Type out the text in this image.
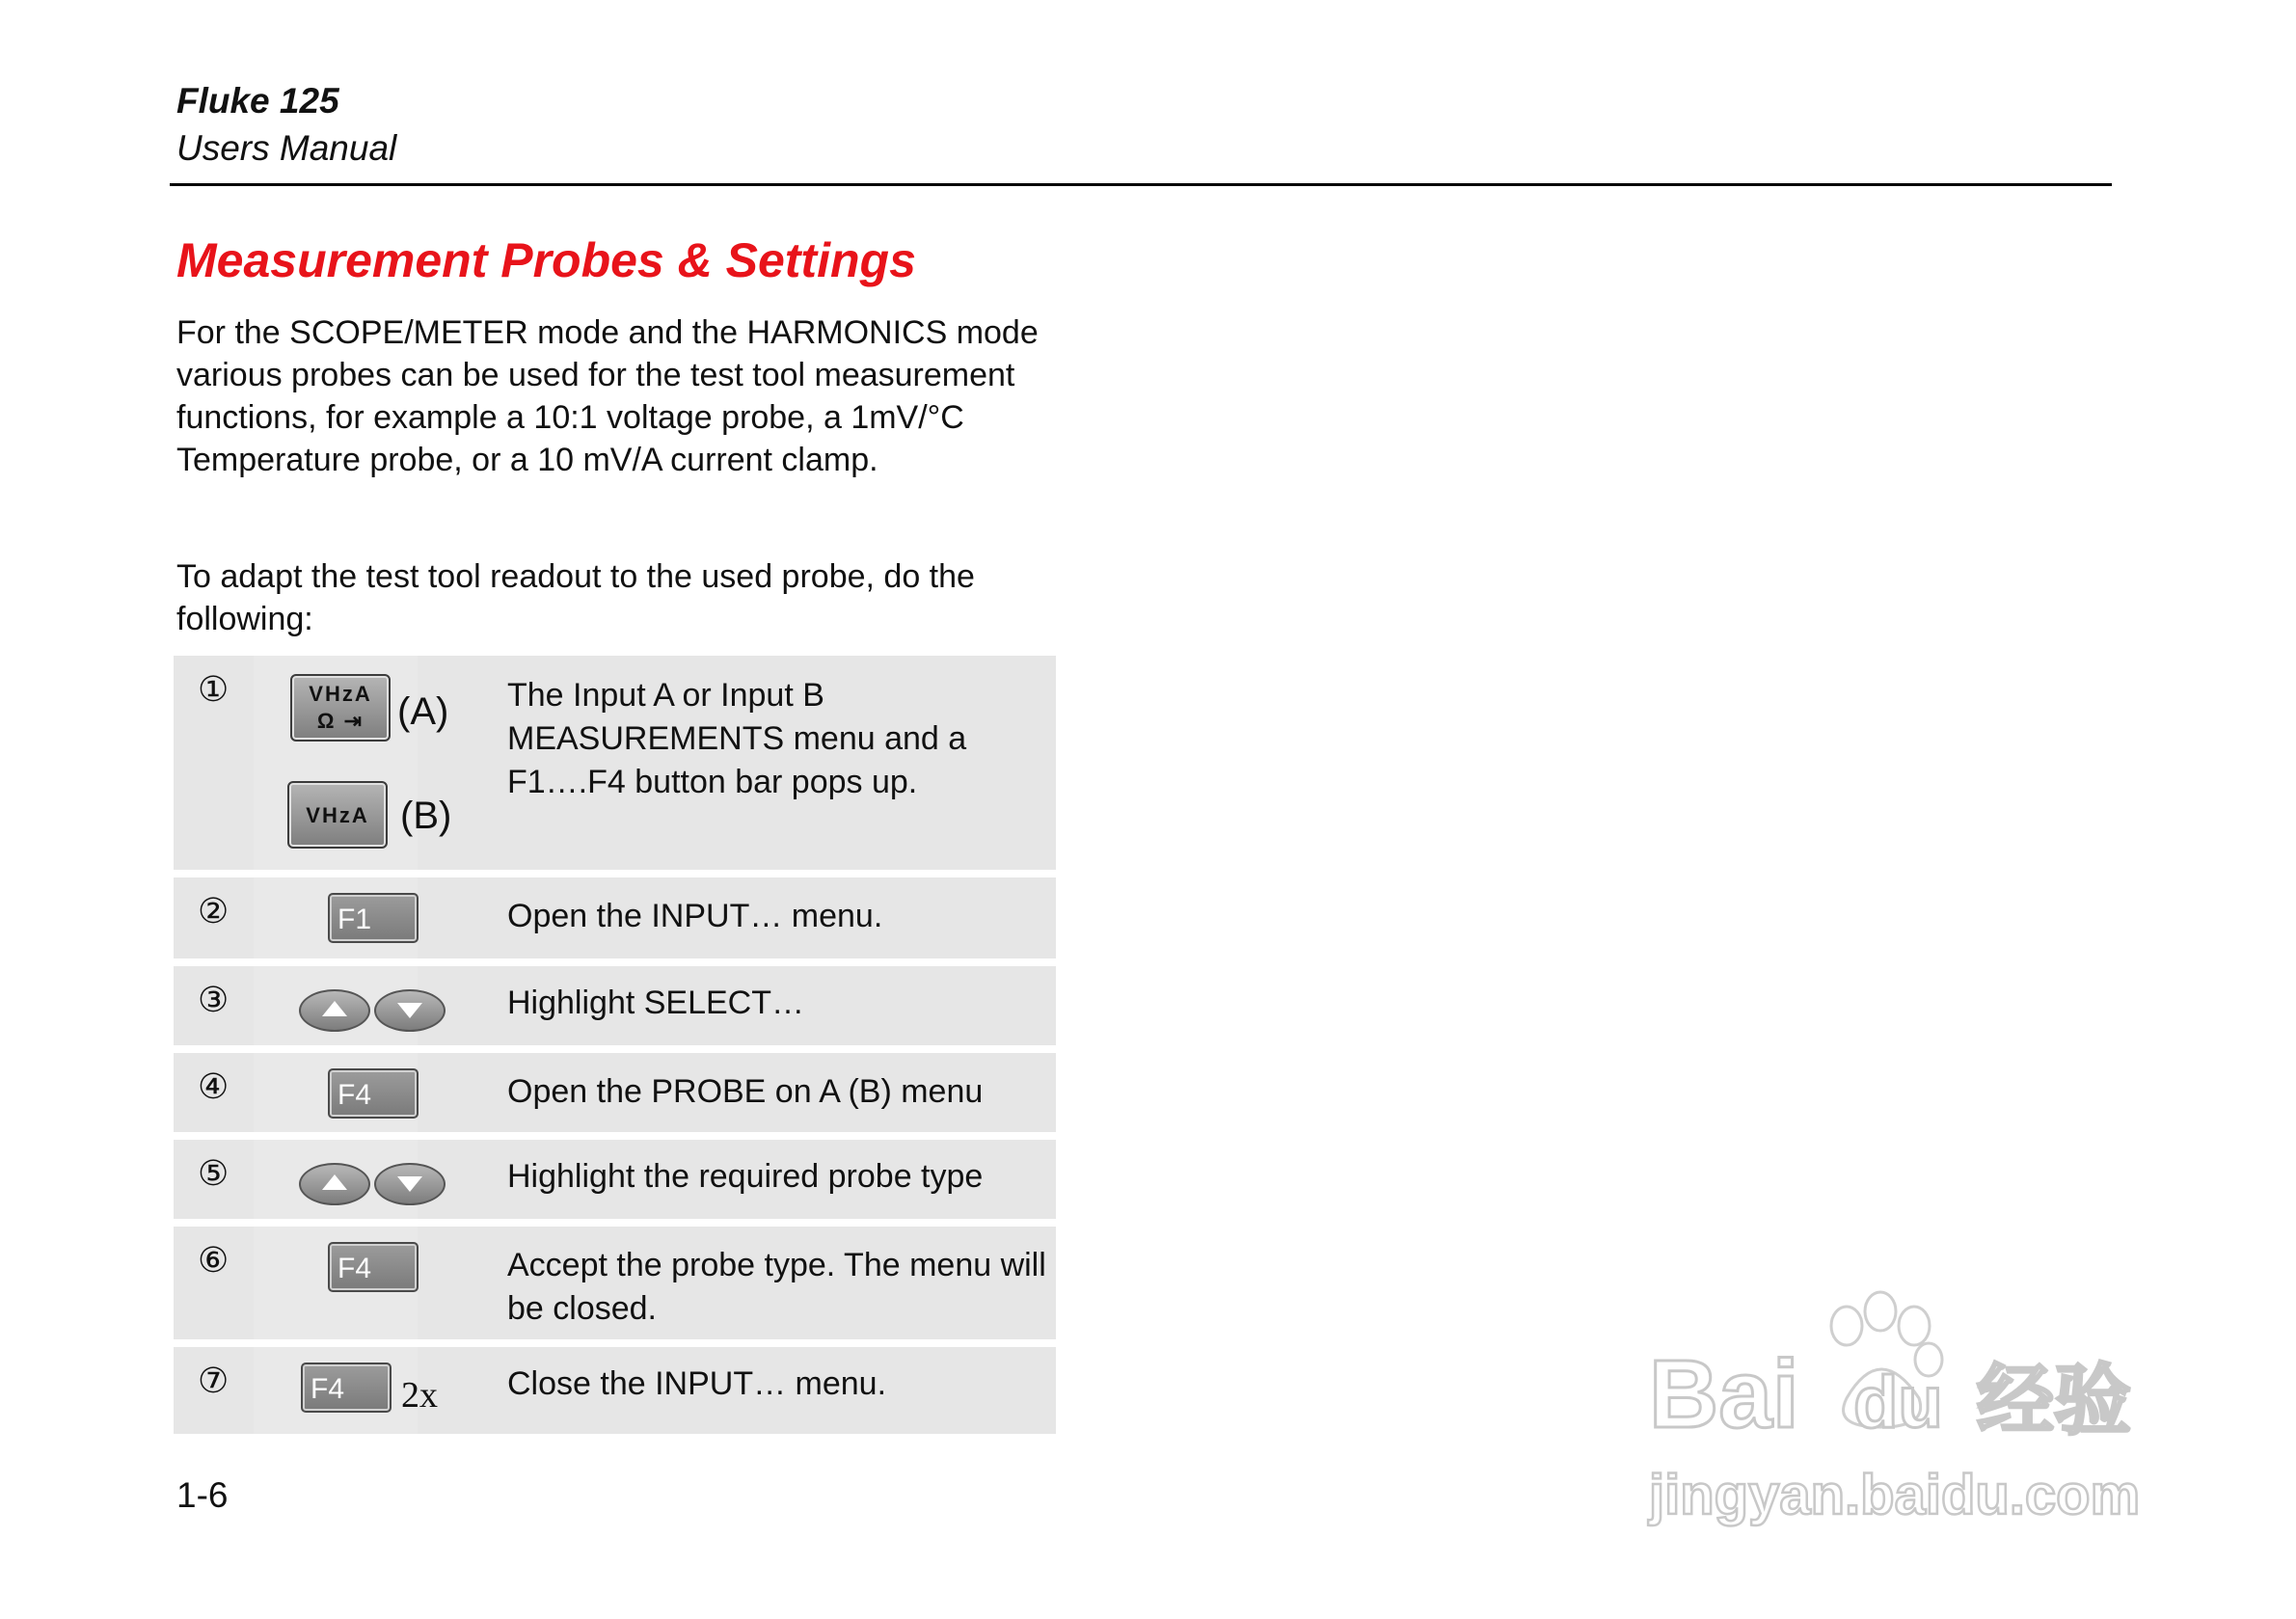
Fluke 125
Users Manual
Measurement Probes & Settings
For the SCOPE/METER mode and the HARMONICS mode various probes can be used for the test tool measurement functions, for example a 10:1 voltage probe, a 1mV/°C Temperature probe, or a 10 mV/A current clamp.
To adapt the test tool readout to the used probe, do the following:
①	VHzA
Ω ⇥ (A)
VHzA (B)
The Input A or Input B MEASUREMENTS menu and a F1….F4 button bar pops up.
②	F1	Open the INPUT… menu.
③	Highlight SELECT…
④	F4	Open the PROBE on A (B) menu
⑤	Highlight the required probe type
⑥	F4	Accept the probe type. The menu will be closed.
⑦	F4 2x Close the INPUT… menu.
1-6
Bai du 经验
jingyan.baidu.com
